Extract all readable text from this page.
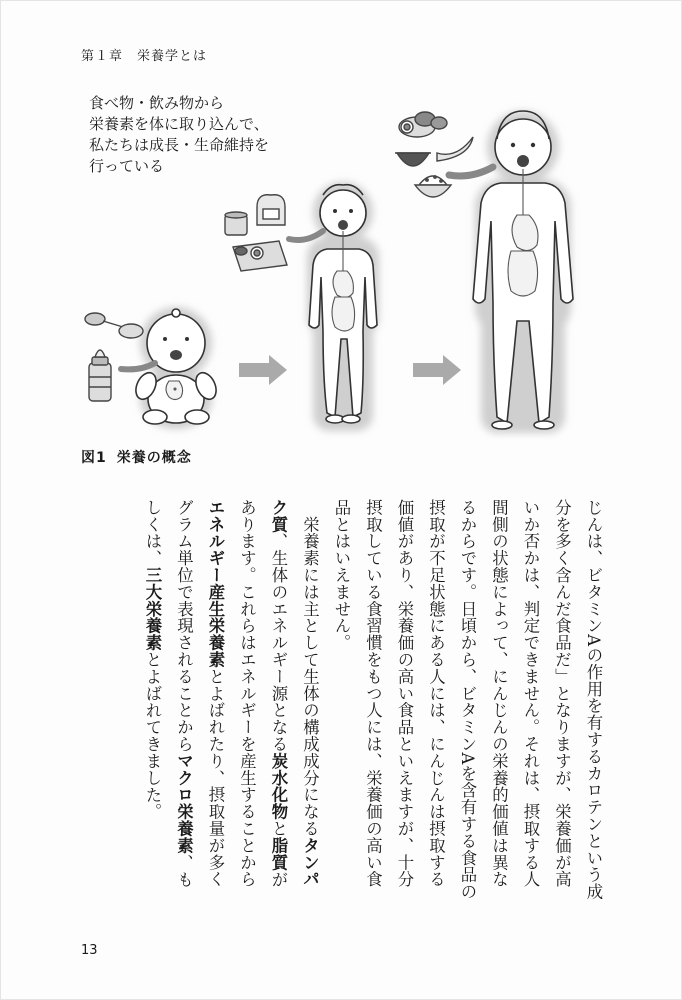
第１章　栄養学とは
食べ物・飲み物から
栄養素を体に取り込んで、
私たちは成長・生命維持を
行っている
図1 栄養の概念

じんは、ビタミンAの作用を有するカロテンという成分を多く含んだ食品だ」となりますが、栄養価が高いか否かは、判定できません。それは、摂取する人間側の状態によって、にんじんの栄養的価値は異なるからです。日頃から、ビタミンAを含有する食品の摂取が不足状態にある人には、にんじんは摂取する価値があり、栄養価の高い食品といえますが、十分摂取している食習慣をもつ人には、栄養価の高い食品とはいえません。

　栄養素には主として生体の構成成分になるタンパク質、生体のエネルギー源となる炭水化物と脂質があります。これらはエネルギーを産生することからエネルギー産生栄養素とよばれたり、摂取量が多くグラム単位で表現されることからマクロ栄養素、もしくは、三大栄養素とよばれてきました。

13
